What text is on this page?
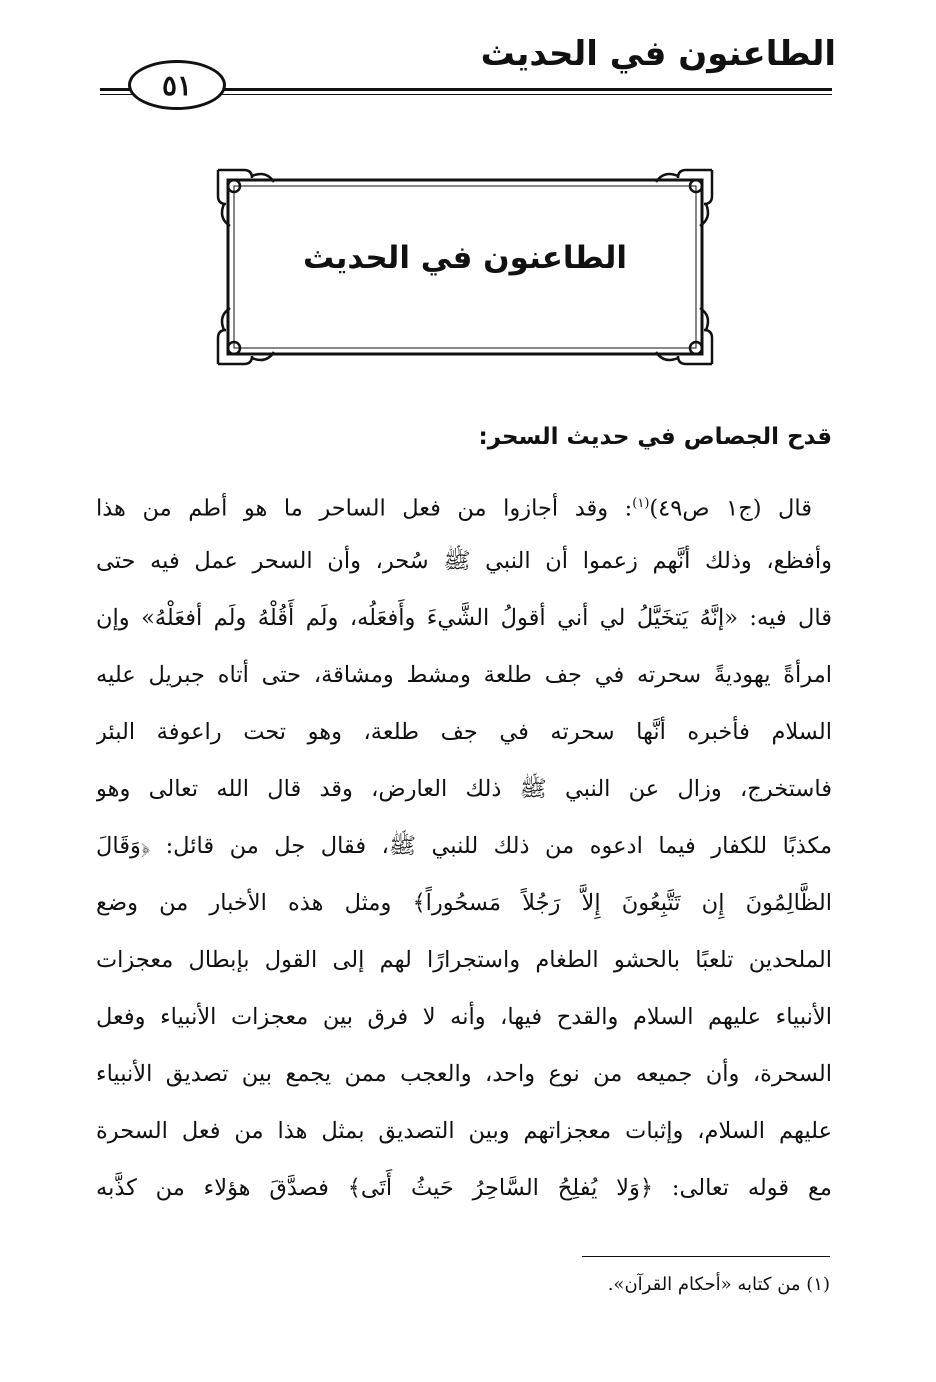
الطاعنون في الحديث
٥١
الطاعنون في الحديث
قدح الجصاص في حديث السحر:
قال (ج١ ص٤٩)$^{(١)}$: وقد أجازوا من فعل الساحر ما هو أطم من هذا
وأفظع، وذلك أنَّهم زعموا أن النبي ﷺ سُحر، وأن السحر عمل فيه حتى
قال فيه: «إنَّهُ يَتخَيَّلُ لي أني أقولُ الشَّيءَ وأَفعَلُه، ولَم أَقُلْهُ ولَم أفعَلْهُ» وإن
امرأةً يهوديةً سحرته في جف طلعة ومشط ومشاقة، حتى أتاه جبريل عليه
السلام فأخبره أنَّها سحرته في جف طلعة، وهو تحت راعوفة البئر
فاستخرج، وزال عن النبي ﷺ ذلك العارض، وقد قال الله تعالى وهو
مكذبًا للكفار فيما ادعوه من ذلك للنبي ﷺ، فقال جل من قائل: ﴿وَقَالَ
الظَّالِمُونَ إِن تَتَّبِعُونَ إِلاَّ رَجُلاً مَسحُوراً﴾ ومثل هذه الأخبار من وضع
الملحدين تلعبًا بالحشو الطغام واستجرارًا لهم إلى القول بإبطال معجزات
الأنبياء عليهم السلام والقدح فيها، وأنه لا فرق بين معجزات الأنبياء وفعل
السحرة، وأن جميعه من نوع واحد، والعجب ممن يجمع بين تصديق الأنبياء
عليهم السلام، وإثبات معجزاتهم وبين التصديق بمثل هذا من فعل السحرة
مع قوله تعالى: ﴿وَلا يُفلِحُ السَّاحِرُ حَيثُ أَتَى﴾ فصدَّقَ هؤلاء من كذَّبه
(١) من كتابه «أحكام القرآن».
